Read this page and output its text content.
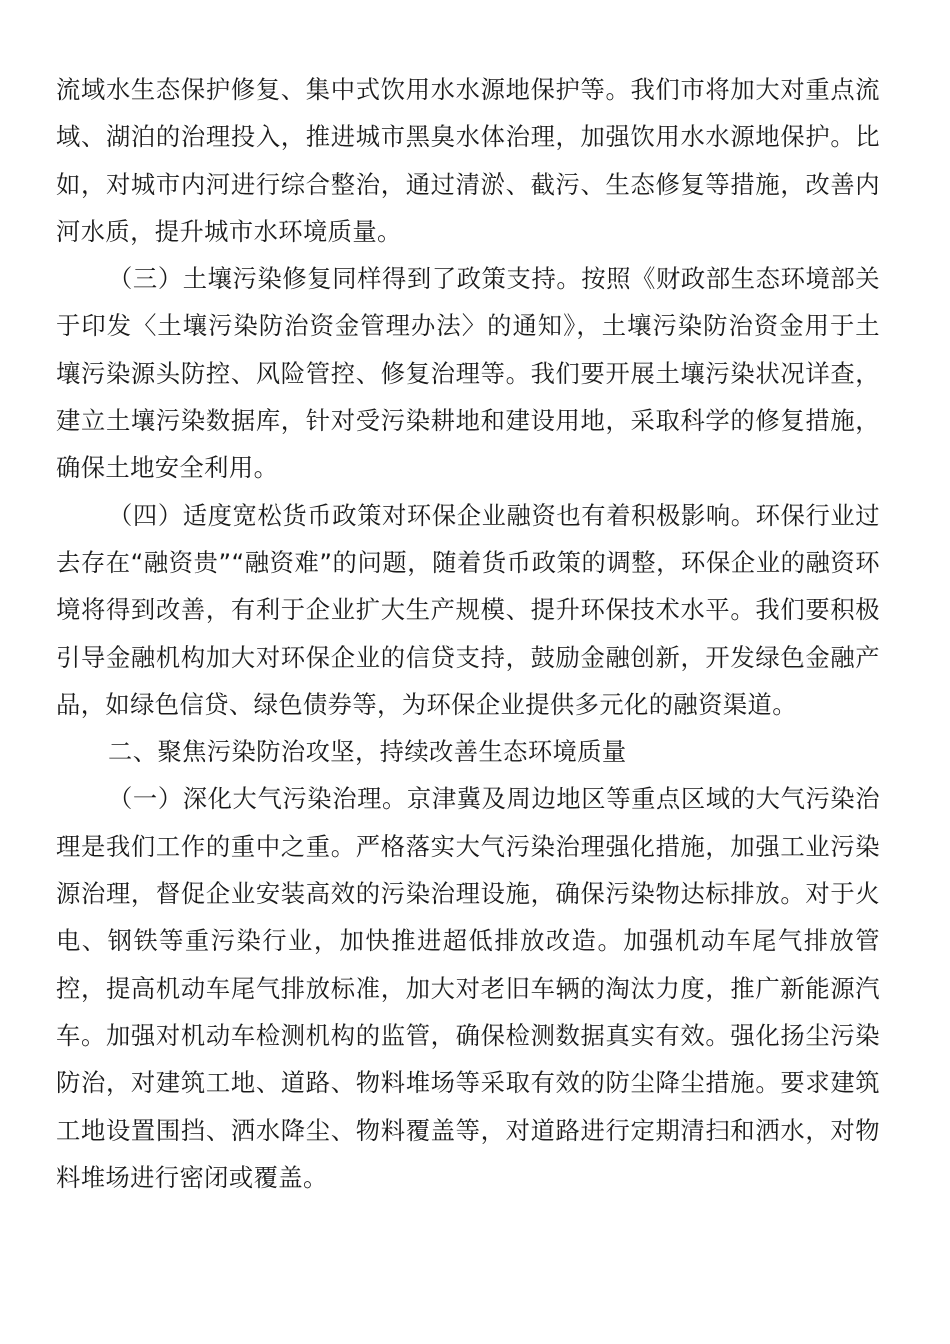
流域水生态保护修复、集中式饮用水水源地保护等。我们市将加大对重点流域、湖泊的治理投入，推进城市黑臭水体治理，加强饮用水水源地保护。比如，对城市内河进行综合整治，通过清淤、截污、生态修复等措施，改善内河水质，提升城市水环境质量。

（三）土壤污染修复同样得到了政策支持。按照《财政部生态环境部关于印发〈土壤污染防治资金管理办法〉的通知》，土壤污染防治资金用于土壤污染源头防控、风险管控、修复治理等。我们要开展土壤污染状况详查，建立土壤污染数据库，针对受污染耕地和建设用地，采取科学的修复措施，确保土地安全利用。

（四）适度宽松货币政策对环保企业融资也有着积极影响。环保行业过去存在“融资贵”“融资难”的问题，随着货币政策的调整，环保企业的融资环境将得到改善，有利于企业扩大生产规模、提升环保技术水平。我们要积极引导金融机构加大对环保企业的信贷支持，鼓励金融创新，开发绿色金融产品，如绿色信贷、绿色债券等，为环保企业提供多元化的融资渠道。

二、聚焦污染防治攻坚，持续改善生态环境质量

（一）深化大气污染治理。京津冀及周边地区等重点区域的大气污染治理是我们工作的重中之重。严格落实大气污染治理强化措施，加强工业污染源治理，督促企业安装高效的污染治理设施，确保污染物达标排放。对于火电、钢铁等重污染行业，加快推进超低排放改造。加强机动车尾气排放管控，提高机动车尾气排放标准，加大对老旧车辆的淘汰力度，推广新能源汽车。加强对机动车检测机构的监管，确保检测数据真实有效。强化扬尘污染防治，对建筑工地、道路、物料堆场等采取有效的防尘降尘措施。要求建筑工地设置围挡、洒水降尘、物料覆盖等，对道路进行定期清扫和洒水，对物料堆场进行密闭或覆盖。
